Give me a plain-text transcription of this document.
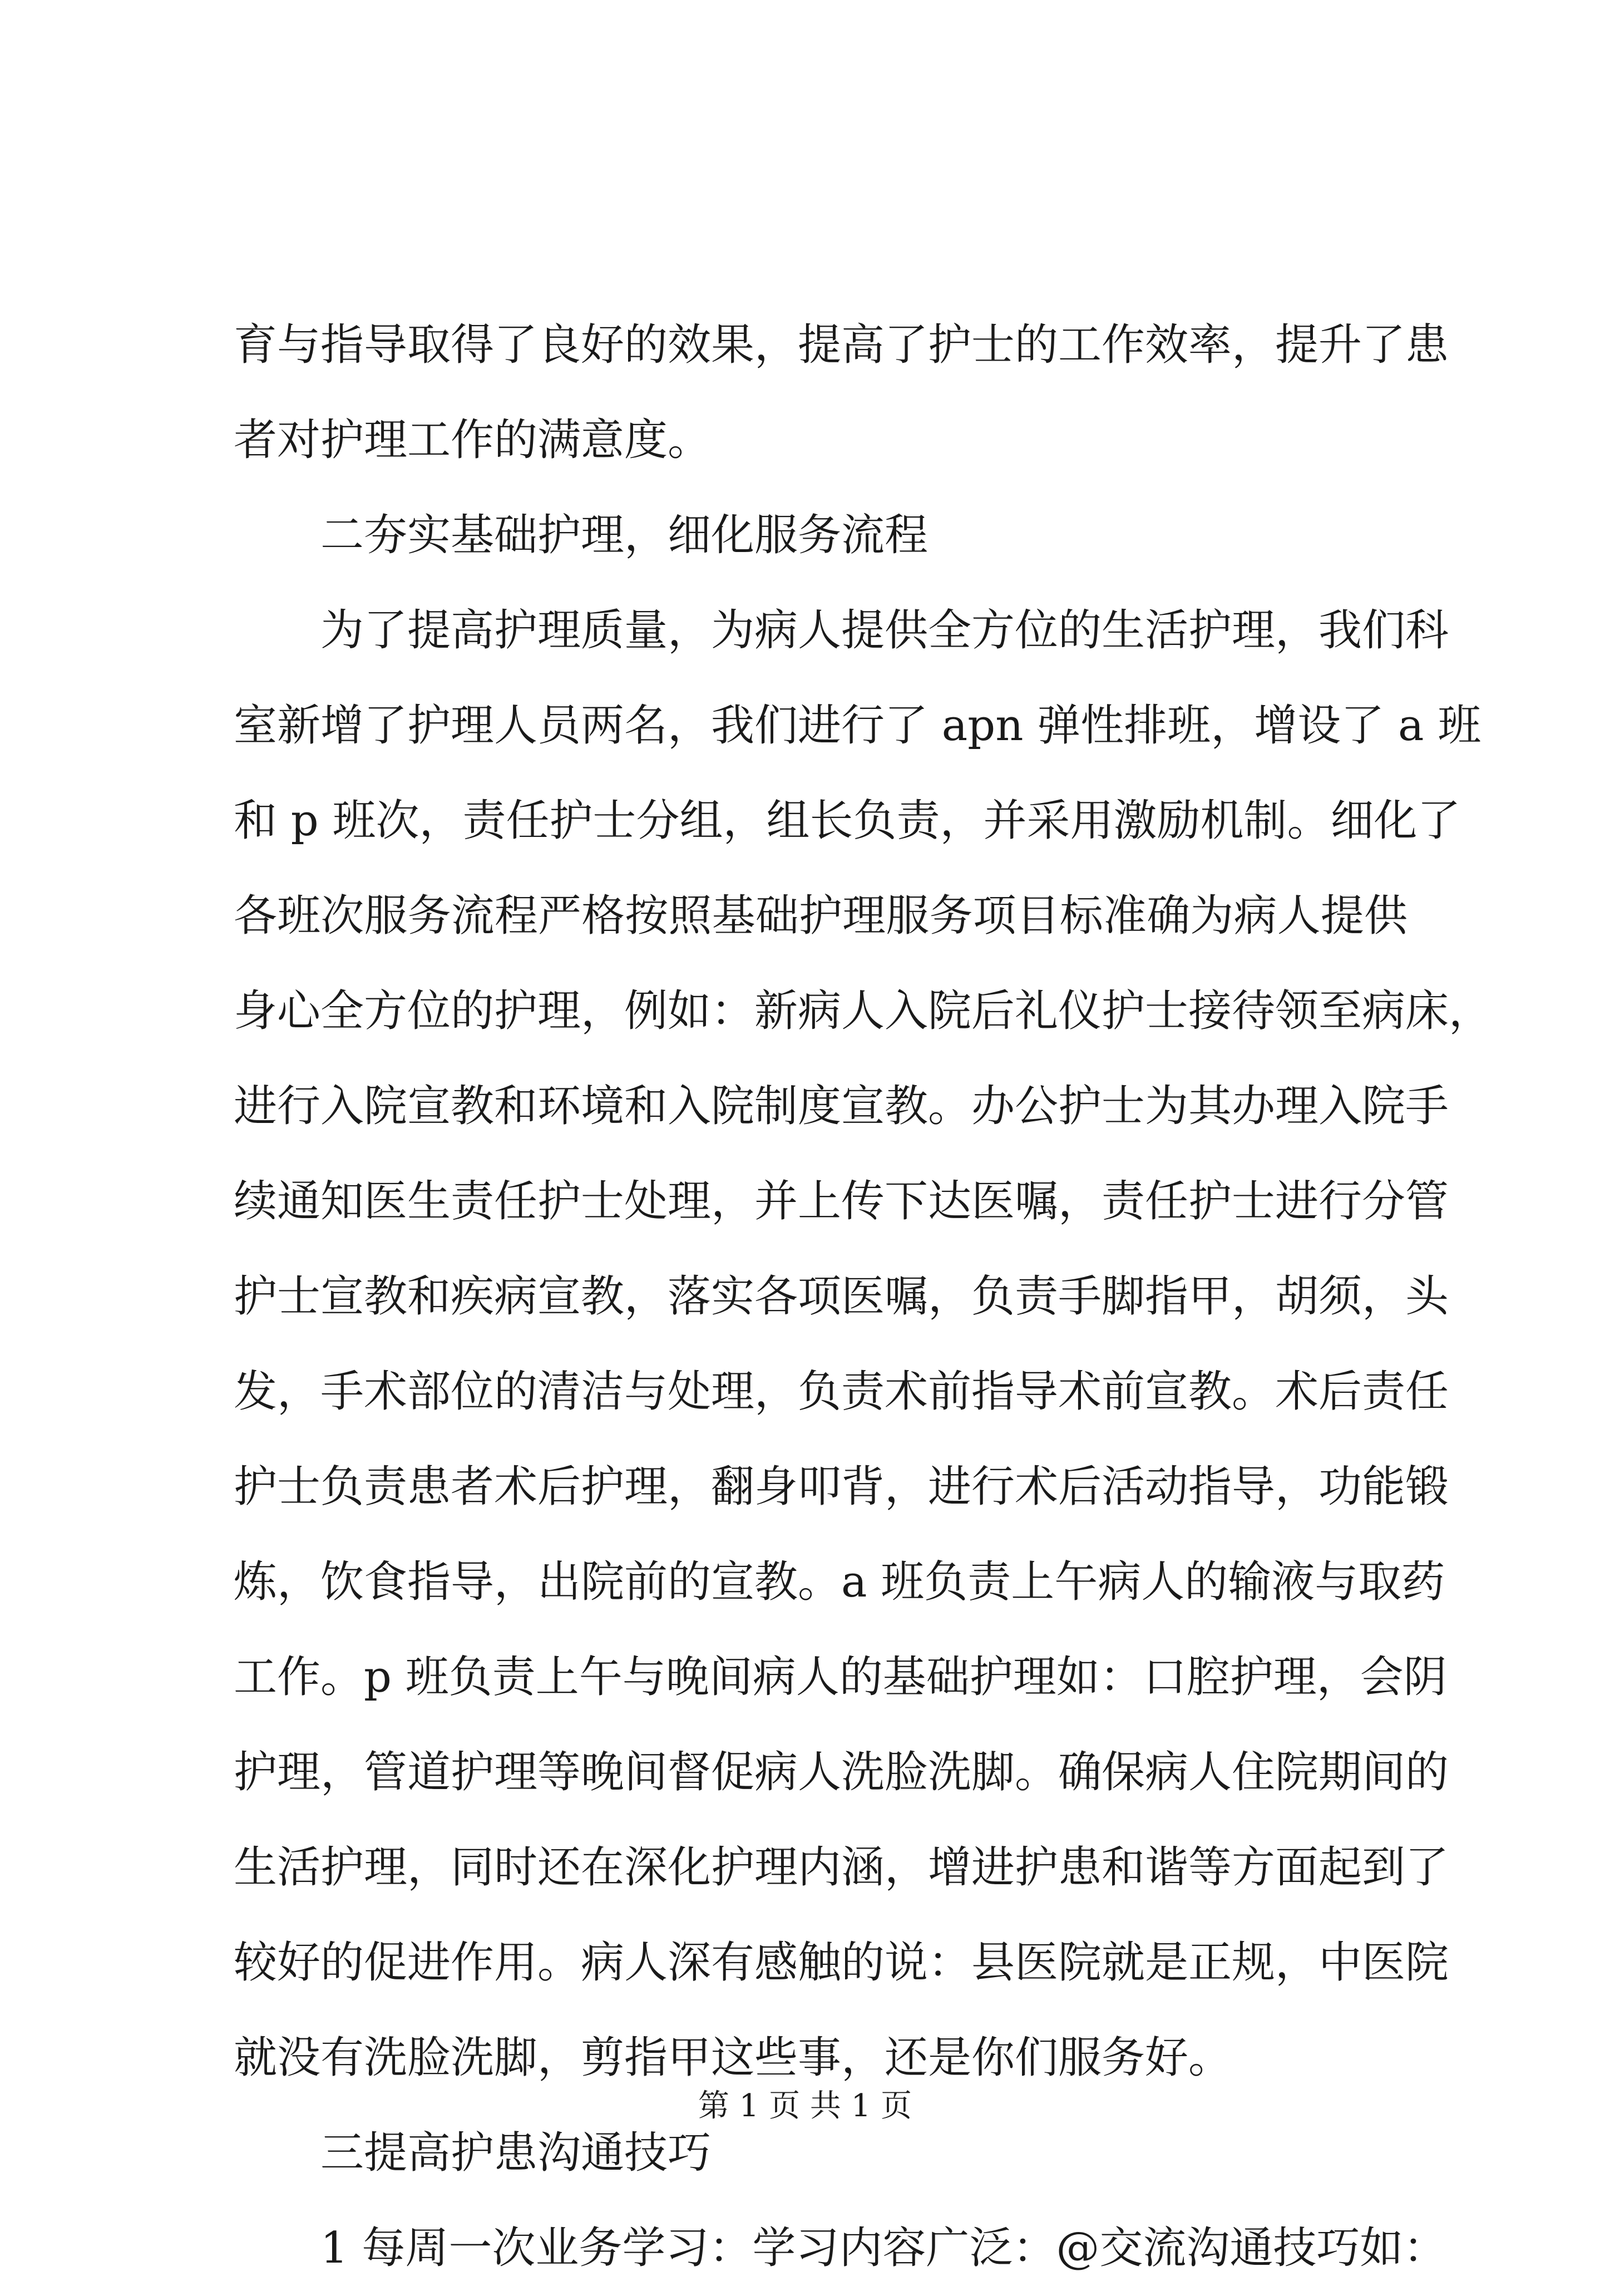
育与指导取得了良好的效果，提高了护士的工作效率，提升了患
者对护理工作的满意度。
二夯实基础护理，细化服务流程
为了提高护理质量，为病人提供全方位的生活护理，我们科
室新增了护理人员两名，我们进行了 apn 弹性排班，增设了 a 班
和 p 班次，责任护士分组，组长负责，并采用激励机制。细化了
各班次服务流程严格按照基础护理服务项目标准确为病人提供
身心全方位的护理，例如：新病人入院后礼仪护士接待领至病床，
进行入院宣教和环境和入院制度宣教。办公护士为其办理入院手
续通知医生责任护士处理，并上传下达医嘱，责任护士进行分管
护士宣教和疾病宣教，落实各项医嘱，负责手脚指甲，胡须，头
发，手术部位的清洁与处理，负责术前指导术前宣教。术后责任
护士负责患者术后护理，翻身叩背，进行术后活动指导，功能锻
炼，饮食指导，出院前的宣教。a 班负责上午病人的输液与取药
工作。p 班负责上午与晚间病人的基础护理如：口腔护理，会阴
护理，管道护理等晚间督促病人洗脸洗脚。确保病人住院期间的
生活护理，同时还在深化护理内涵，增进护患和谐等方面起到了
较好的促进作用。病人深有感触的说：县医院就是正规，中医院
就没有洗脸洗脚，剪指甲这些事，还是你们服务好。
三提高护患沟通技巧
1 每周一次业务学习：学习内容广泛：@交流沟通技巧如：
第 1 页 共 1 页
